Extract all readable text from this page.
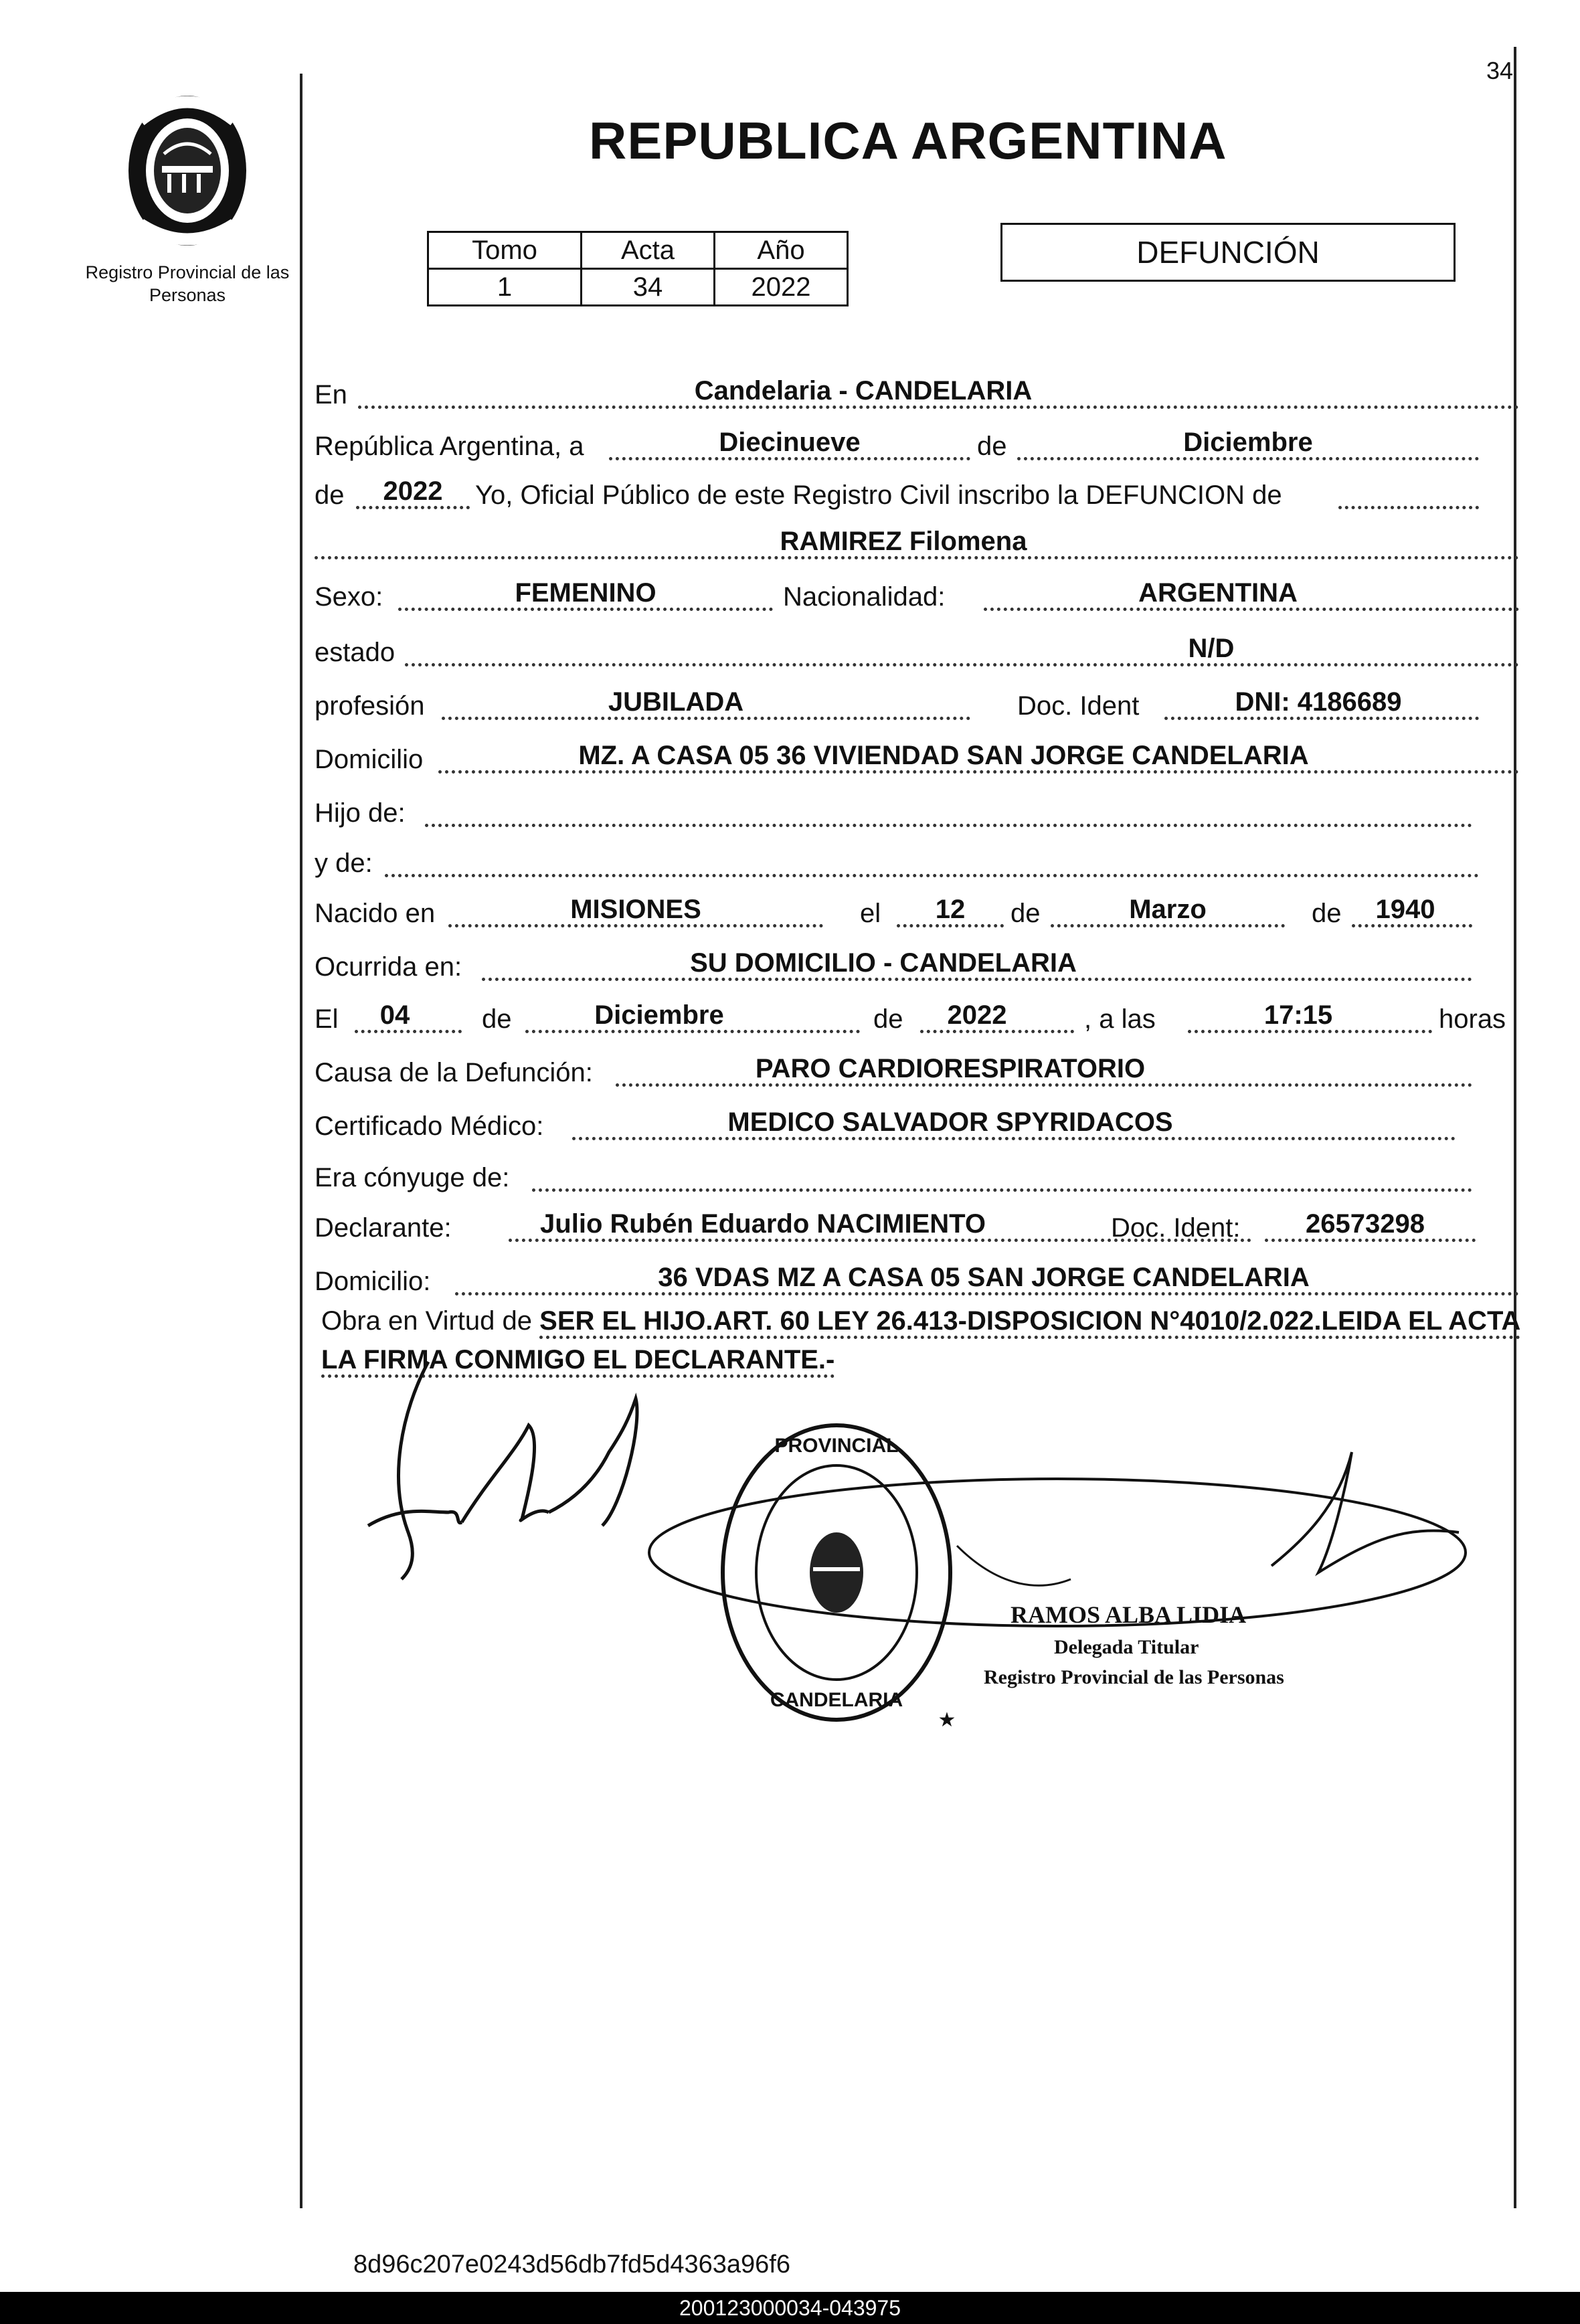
34
Registro Provincial de las Personas
REPUBLICA ARGENTINA
Tomo	Acta	Año
1	34	2022
DEFUNCIÓN
En	Candelaria - CANDELARIA
República Argentina, a	Diecinueve	de	Diciembre
de	2022	Yo, Oficial Público de este Registro Civil inscribo la DEFUNCION de
RAMIREZ Filomena
Sexo:	FEMENINO	Nacionalidad:	ARGENTINA
estado	N/D
profesión	JUBILADA	Doc. Ident	DNI: 4186689
Domicilio	MZ. A CASA 05 36 VIVIENDAD SAN JORGE CANDELARIA
Hijo de:
y de:
Nacido en	MISIONES	el	12	de	Marzo	de	1940
Ocurrida en:	SU DOMICILIO - CANDELARIA
El	04	de	Diciembre	de	2022	, a las	17:15	horas
Causa de la Defunción:	PARO CARDIORESPIRATORIO
Certificado Médico:	MEDICO SALVADOR SPYRIDACOS
Era cónyuge de:
Declarante:	Julio Rubén Eduardo NACIMIENTO	Doc. Ident:	26573298
Domicilio:	36 VDAS MZ A CASA 05 SAN JORGE CANDELARIA
Obra en Virtud de SER EL HIJO.ART. 60 LEY 26.413-DISPOSICION N°4010/2.022.LEIDA EL ACTA LA FIRMA CONMIGO EL DECLARANTE.-
PROVINCIAL
CANDELARIA
★
RAMOS ALBA LIDIA
Delegada Titular
Registro Provincial de las Personas
8d96c207e0243d56db7fd5d4363a96f6
200123000034-043975
